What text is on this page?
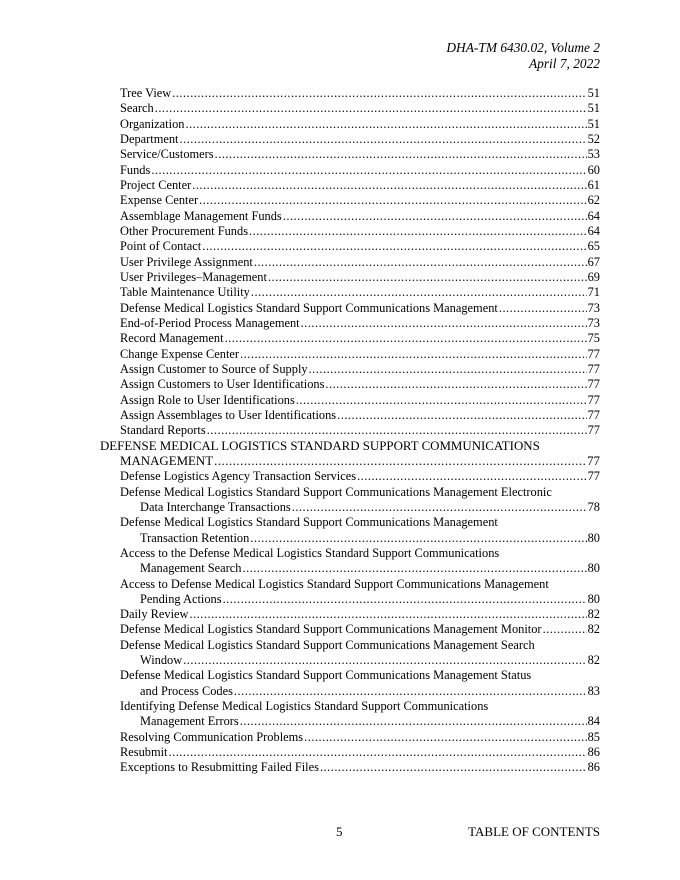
DHA-TM 6430.02, Volume 2
April 7, 2022
Tree View .....	51
Search .....	51
Organization .....	51
Department .....	52
Service/Customers .....	53
Funds .....	60
Project Center .....	61
Expense Center .....	62
Assemblage Management Funds .....	64
Other Procurement Funds .....	64
Point of Contact .....	65
User Privilege Assignment .....	67
User Privileges–Management .....	69
Table Maintenance Utility .....	71
Defense Medical Logistics Standard Support Communications Management .....	73
End-of-Period Process Management .....	73
Record Management .....	75
Change Expense Center .....	77
Assign Customer to Source of Supply .....	77
Assign Customers to User Identifications .....	77
Assign Role to User Identifications .....	77
Assign Assemblages to User Identifications .....	77
Standard Reports .....	77
DEFENSE MEDICAL LOGISTICS STANDARD SUPPORT COMMUNICATIONS
MANAGEMENT .....	77
Defense Logistics Agency Transaction Services .....	77
Defense Medical Logistics Standard Support Communications Management Electronic
Data Interchange Transactions .....	78
Defense Medical Logistics Standard Support Communications Management
Transaction Retention .....	80
Access to the Defense Medical Logistics Standard Support Communications
Management Search .....	80
Access to Defense Medical Logistics Standard Support Communications Management
Pending Actions .....	80
Daily Review .....	82
Defense Medical Logistics Standard Support Communications Management Monitor .....	82
Defense Medical Logistics Standard Support Communications Management Search
Window .....	82
Defense Medical Logistics Standard Support Communications Management Status
and Process Codes .....	83
Identifying Defense Medical Logistics Standard Support Communications
Management Errors .....	84
Resolving Communication Problems .....	85
Resubmit .....	86
Exceptions to Resubmitting Failed Files .....	86
5	TABLE OF CONTENTS
